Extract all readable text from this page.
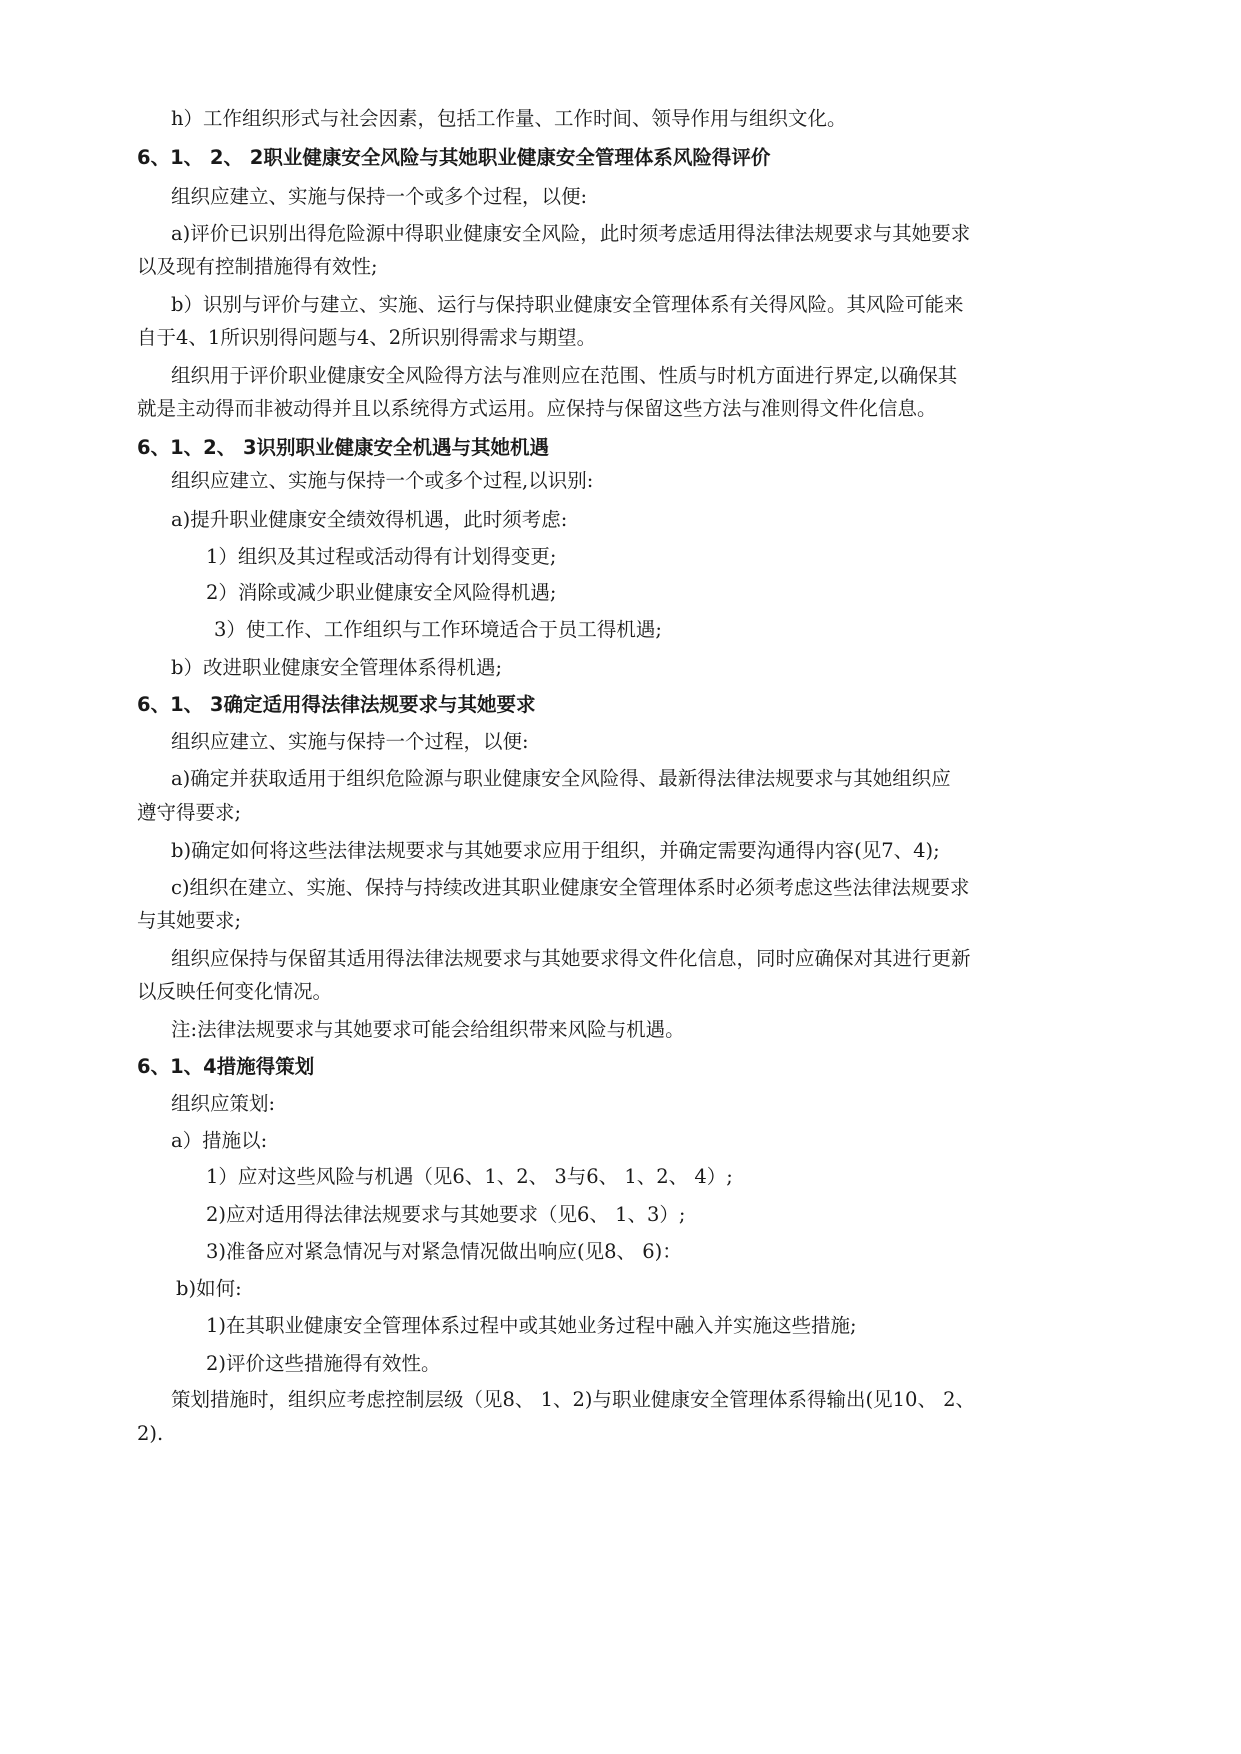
h）工作组织形式与社会因素，包括工作量、工作时间、领导作用与组织文化。
6、1、 2、 2职业健康安全风险与其她职业健康安全管理体系风险得评价
组织应建立、实施与保持一个或多个过程，以便:
a)评价已识别出得危险源中得职业健康安全风险，此时须考虑适用得法律法规要求与其她要求
以及现有控制措施得有效性;
b）识别与评价与建立、实施、运行与保持职业健康安全管理体系有关得风险。其风险可能来
自于4、1所识别得问题与4、2所识别得需求与期望。
组织用于评价职业健康安全风险得方法与准则应在范围、性质与时机方面进行界定,以确保其
就是主动得而非被动得并且以系统得方式运用。应保持与保留这些方法与准则得文件化信息。
6、1、2、 3识别职业健康安全机遇与其她机遇
组织应建立、实施与保持一个或多个过程,以识别:
a)提升职业健康安全绩效得机遇，此时须考虑:
1）组织及其过程或活动得有计划得变更;
2）消除或减少职业健康安全风险得机遇;
3）使工作、工作组织与工作环境适合于员工得机遇;
b）改进职业健康安全管理体系得机遇;
6、1、 3确定适用得法律法规要求与其她要求
组织应建立、实施与保持一个过程，以便:
a)确定并获取适用于组织危险源与职业健康安全风险得、最新得法律法规要求与其她组织应
遵守得要求;
b)确定如何将这些法律法规要求与其她要求应用于组织，并确定需要沟通得内容(见7、4);
c)组织在建立、实施、保持与持续改进其职业健康安全管理体系时必须考虑这些法律法规要求
与其她要求;
组织应保持与保留其适用得法律法规要求与其她要求得文件化信息，同时应确保对其进行更新
以反映任何变化情况。
注:法律法规要求与其她要求可能会给组织带来风险与机遇。
6、1、4措施得策划
组织应策划:
a）措施以:
1）应对这些风险与机遇（见6、1、2、 3与6、 1、2、 4）;
2)应对适用得法律法规要求与其她要求（见6、 1、3）;
3)准备应对紧急情况与对紧急情况做出响应(见8、 6)：
b)如何:
1)在其职业健康安全管理体系过程中或其她业务过程中融入并实施这些措施;
2)评价这些措施得有效性。
策划措施时，组织应考虑控制层级（见8、 1、2)与职业健康安全管理体系得输出(见10、 2、
2).
